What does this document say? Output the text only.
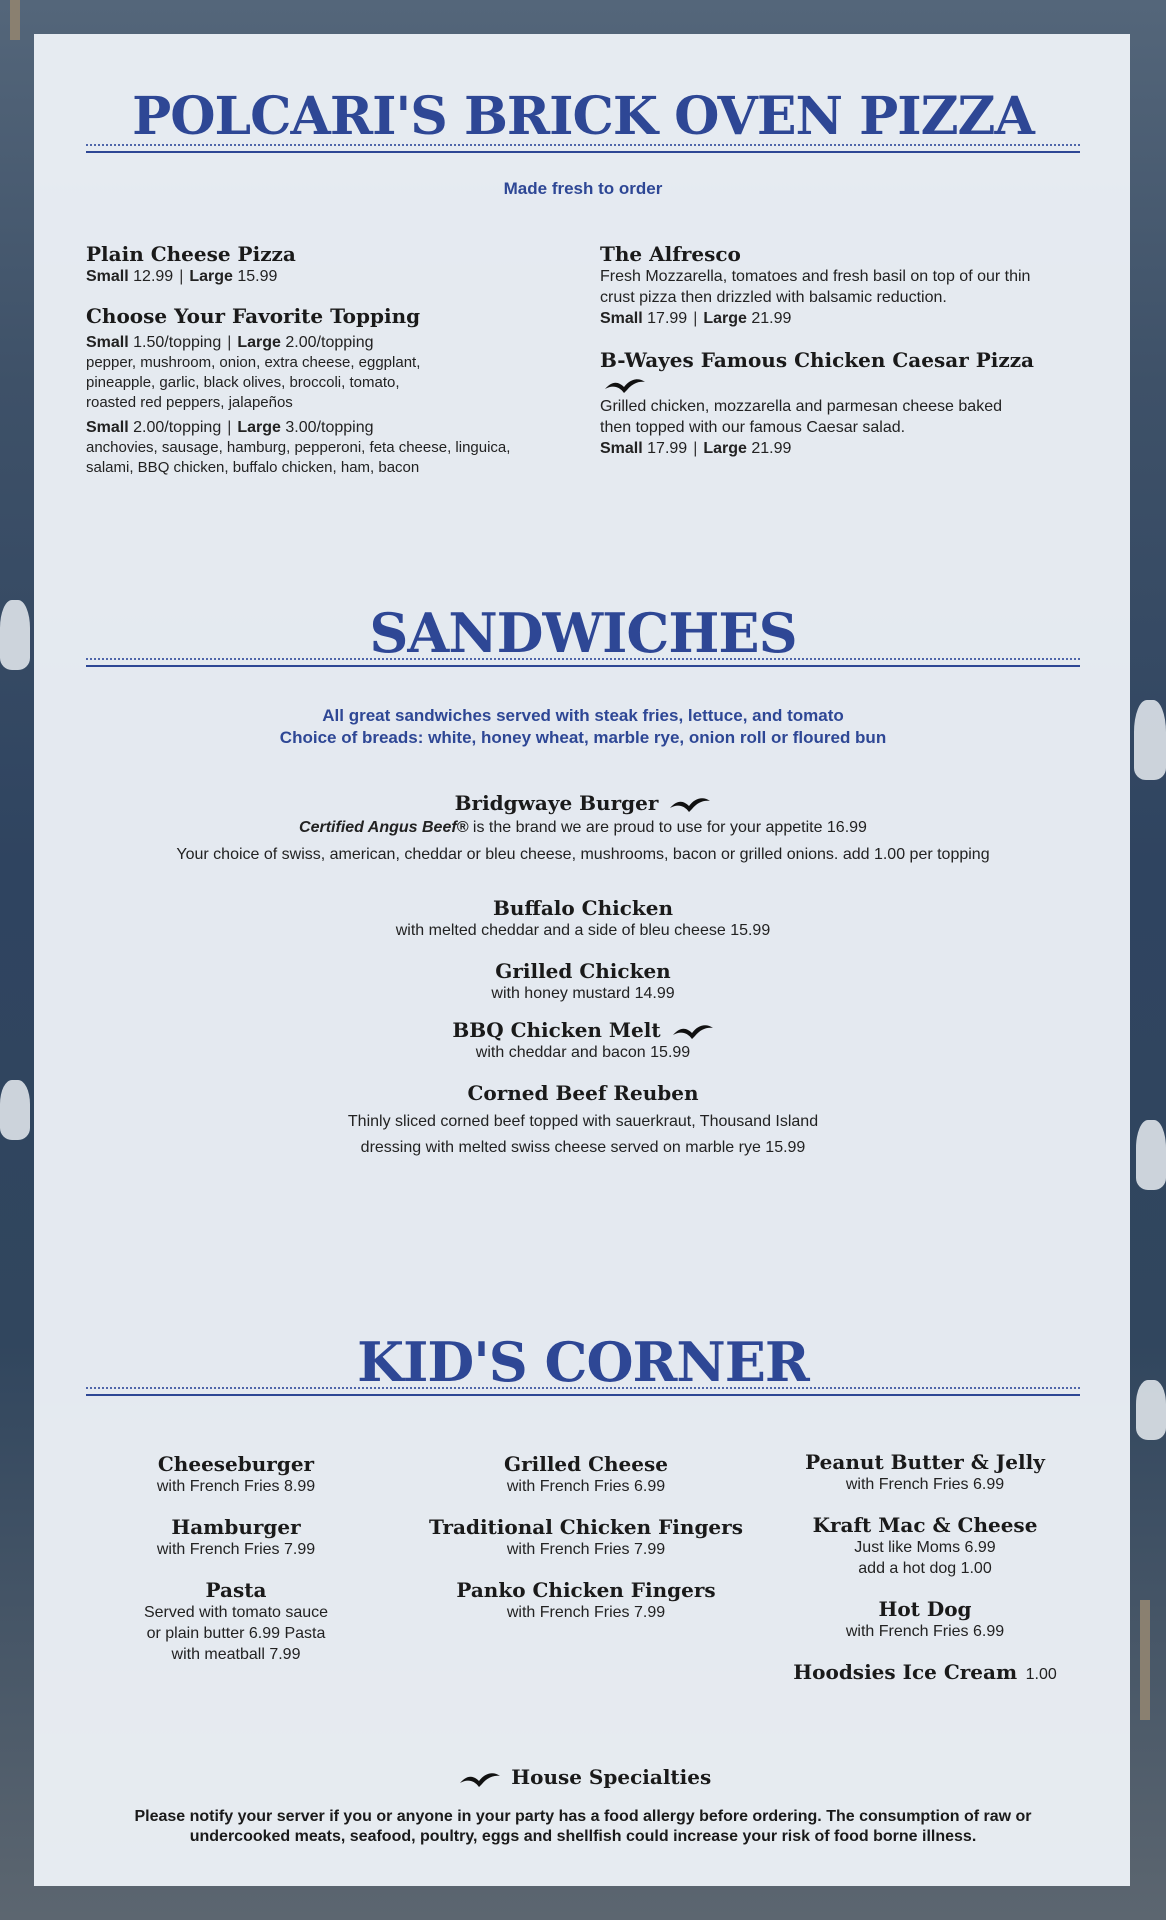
POLCARI'S BRICK OVEN PIZZA
Made fresh to order
Plain Cheese Pizza
Small 12.99 | Large 15.99
Choose Your Favorite Topping
Small 1.50/topping | Large 2.00/topping
pepper, mushroom, onion, extra cheese, eggplant,
pineapple, garlic, black olives, broccoli, tomato,
roasted red peppers, jalapeños
Small 2.00/topping | Large 3.00/topping
anchovies, sausage, hamburg, pepperoni, feta cheese, linguica,
salami, BBQ chicken, buffalo chicken, ham, bacon
The Alfresco
Fresh Mozzarella, tomatoes and fresh basil on top of our thin
crust pizza then drizzled with balsamic reduction.
Small 17.99 | Large 21.99
B-Wayes Famous Chicken Caesar Pizza
Grilled chicken, mozzarella and parmesan cheese baked
then topped with our famous Caesar salad.
Small 17.99 | Large 21.99
SANDWICHES
All great sandwiches served with steak fries, lettuce, and tomato
Choice of breads: white, honey wheat, marble rye, onion roll or floured bun
Bridgwaye Burger
Certified Angus Beef® is the brand we are proud to use for your appetite 16.99
Your choice of swiss, american, cheddar or bleu cheese, mushrooms, bacon or grilled onions. add 1.00 per topping
Buffalo Chicken
with melted cheddar and a side of bleu cheese 15.99
Grilled Chicken
with honey mustard 14.99
BBQ Chicken Melt
with cheddar and bacon 15.99
Corned Beef Reuben
Thinly sliced corned beef topped with sauerkraut, Thousand Island
dressing with melted swiss cheese served on marble rye 15.99
KID'S CORNER
Cheeseburger
with French Fries 8.99
Hamburger
with French Fries 7.99
Pasta
Served with tomato sauce
or plain butter 6.99 Pasta
with meatball 7.99
Grilled Cheese
with French Fries 6.99
Traditional Chicken Fingers
with French Fries 7.99
Panko Chicken Fingers
with French Fries 7.99
Peanut Butter & Jelly
with French Fries 6.99
Kraft Mac & Cheese
Just like Moms 6.99
add a hot dog 1.00
Hot Dog
with French Fries 6.99
Hoodsies Ice Cream 1.00
House Specialties
Please notify your server if you or anyone in your party has a food allergy before ordering. The consumption of raw or
undercooked meats, seafood, poultry, eggs and shellfish could increase your risk of food borne illness.
